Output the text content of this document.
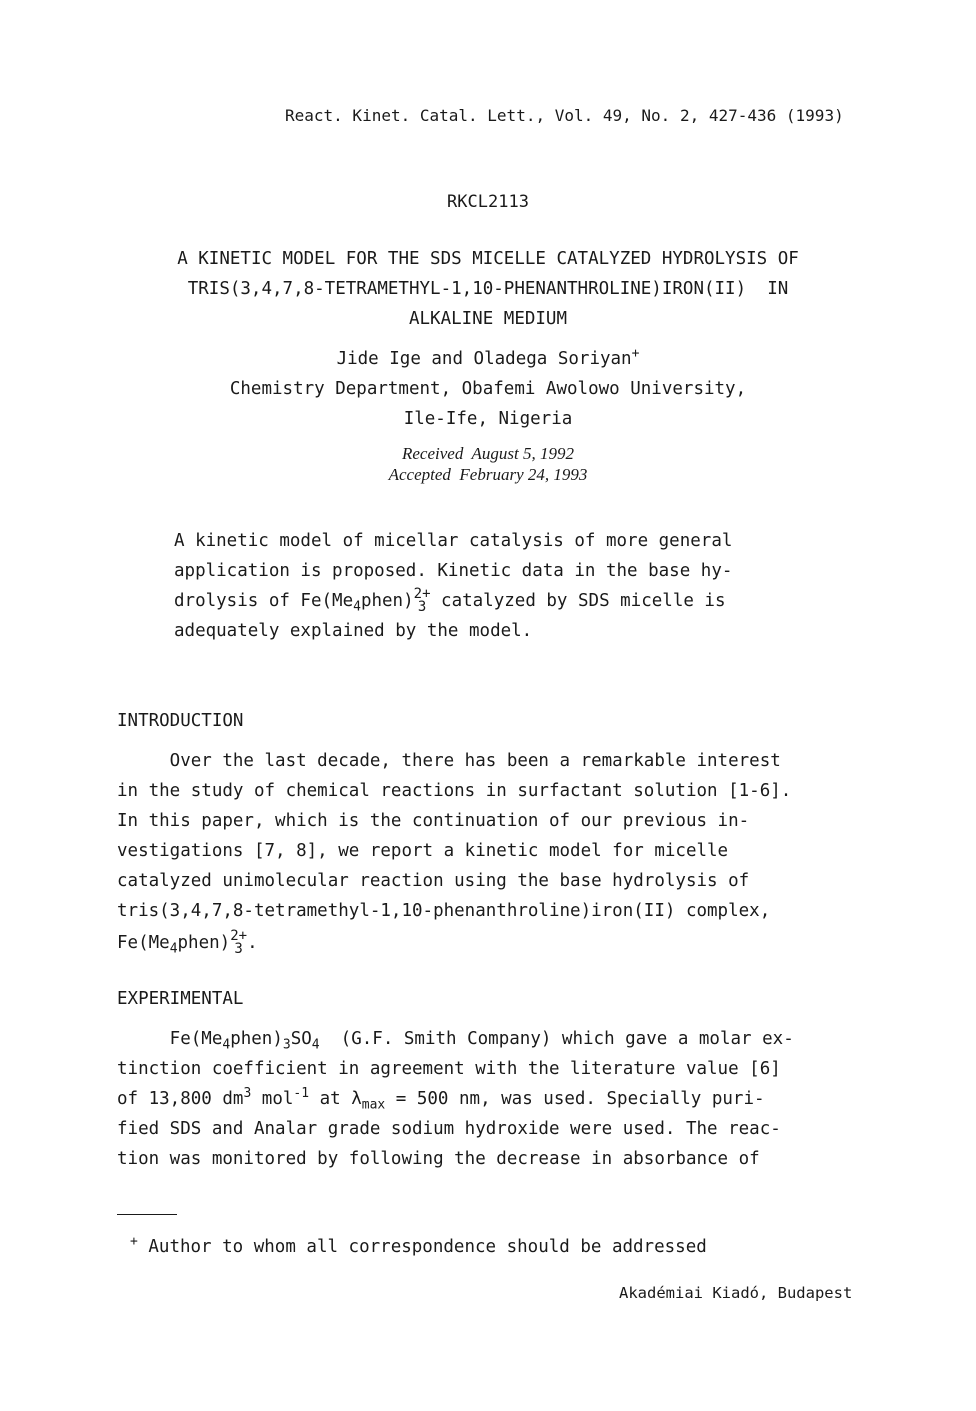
React. Kinet. Catal. Lett., Vol. 49, No. 2, 427-436 (1993)
RKCL2113
A KINETIC MODEL FOR THE SDS MICELLE CATALYZED HYDROLYSIS OF
TRIS(3,4,7,8-TETRAMETHYL-1,10-PHENANTHROLINE)IRON(II)  IN
ALKALINE MEDIUM
Jide Ige and Oladega Soriyan+
Chemistry Department, Obafemi Awolowo University,
Ile-Ife, Nigeria
Received  August 5, 1992
Accepted  February 24, 1993
A kinetic model of micellar catalysis of more general
application is proposed. Kinetic data in the base hy-
drolysis of $Fe(Me_4phen)$ 2+
3 catalyzed by SDS micelle is
adequately explained by the model.
INTRODUCTION
Over the last decade, there has been a remarkable interest
in the study of chemical reactions in surfactant solution [1-6].
In this paper, which is the continuation of our previous in-
vestigations [7, 8], we report a kinetic model for micelle
catalyzed unimolecular reaction using the base hydrolysis of
tris(3,4,7,8-tetramethyl-1,10-phenanthroline)iron(II) complex,
$Fe(Me_4phen)$ 2+
3 .
EXPERIMENTAL
$Fe(Me_4phen)_3SO_4$  (G.F. Smith Company) which gave a molar ex-
tinction coefficient in agreement with the literature value [6]
of 13,800 $dm^3$ mol$^{-1}$ at $\lambda_{max} = 500$ nm, was used. Specially puri-
fied SDS and Analar grade sodium hydroxide were used. The reac-
tion was monitored by following the decrease in absorbance of
+ Author to whom all correspondence should be addressed
Akadémiai Kiadó, Budapest
